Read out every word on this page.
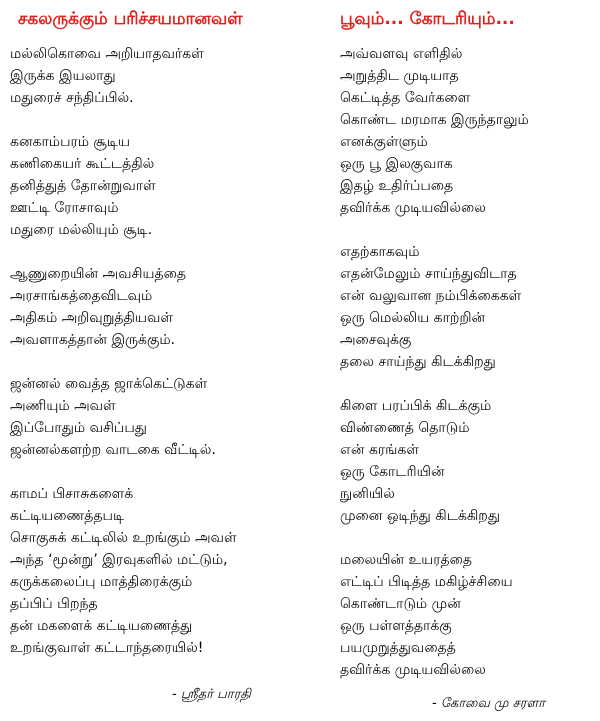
சகலருக்கும் பரிச்சயமானவள்
மல்லிகொவை அறியாதவர்கள்
இருக்க இயலாது
மதுரைச் சந்திப்பில்.
கனகாம்பரம் சூடிய
கணிகையர் கூட்டத்தில்
தனித்துத் தோன்றுவாள்
ஊட்டி ரோசாவும்
மதுரை மல்லியும் சூடி.
ஆணுறையின் அவசியத்தை
அரசாங்கத்தைவிடவும்
அதிகம் அறிவுறுத்தியவள்
அவளாகத்தான் இருக்கும்.
ஜன்னல் வைத்த ஜாக்கெட்டுகள்
அணியும் அவள்
இப்போதும் வசிப்பது
ஜன்னல்களற்ற வாடகை வீட்டில்.
காமப் பிசாசுகளைக்
கட்டியணைத்தபடி
சொகுசுக் கட்டிலில் உறங்கும் அவள்
அந்த ‘மூன்று’ இரவுகளில் மட்டும்,
கருக்கலைப்பு மாத்திரைக்கும்
தப்பிப் பிறந்த
தன் மகளைக் கட்டியணைத்து
உறங்குவாள் கட்டாந்தரையில்!
- ஸ்ரீதர் பாரதி
பூவும்... கோடரியும்...
அவ்வளவு எளிதில்
அறுத்திட முடியாத
கெட்டித்த வேர்களை
கொண்ட மரமாக இருந்தாலும்
எனக்குள்ளும்
ஒரு பூ இலகுவாக
இதழ் உதிர்ப்பதை
தவிர்க்க முடியவில்லை
எதற்காகவும்
எதன்மேலும் சாய்ந்துவிடாத
என் வலுவான நம்பிக்கைகள்
ஒரு மெல்லிய காற்றின்
அசைவுக்கு
தலை சாய்ந்து கிடக்கிறது
கிளை பரப்பிக் கிடக்கும்
விண்ணைத் தொடும்
என் கரங்கள்
ஒரு கோடரியின்
நுனியில்
முனை ஒடிந்து கிடக்கிறது
மலையின் உயரத்தை
எட்டிப் பிடித்த மகிழ்ச்சியை
கொண்டாடும் முன்
ஒரு பள்ளத்தாக்கு
பயமுறுத்துவதைத்
தவிர்க்க முடியவில்லை
- கோவை மு சரளா
